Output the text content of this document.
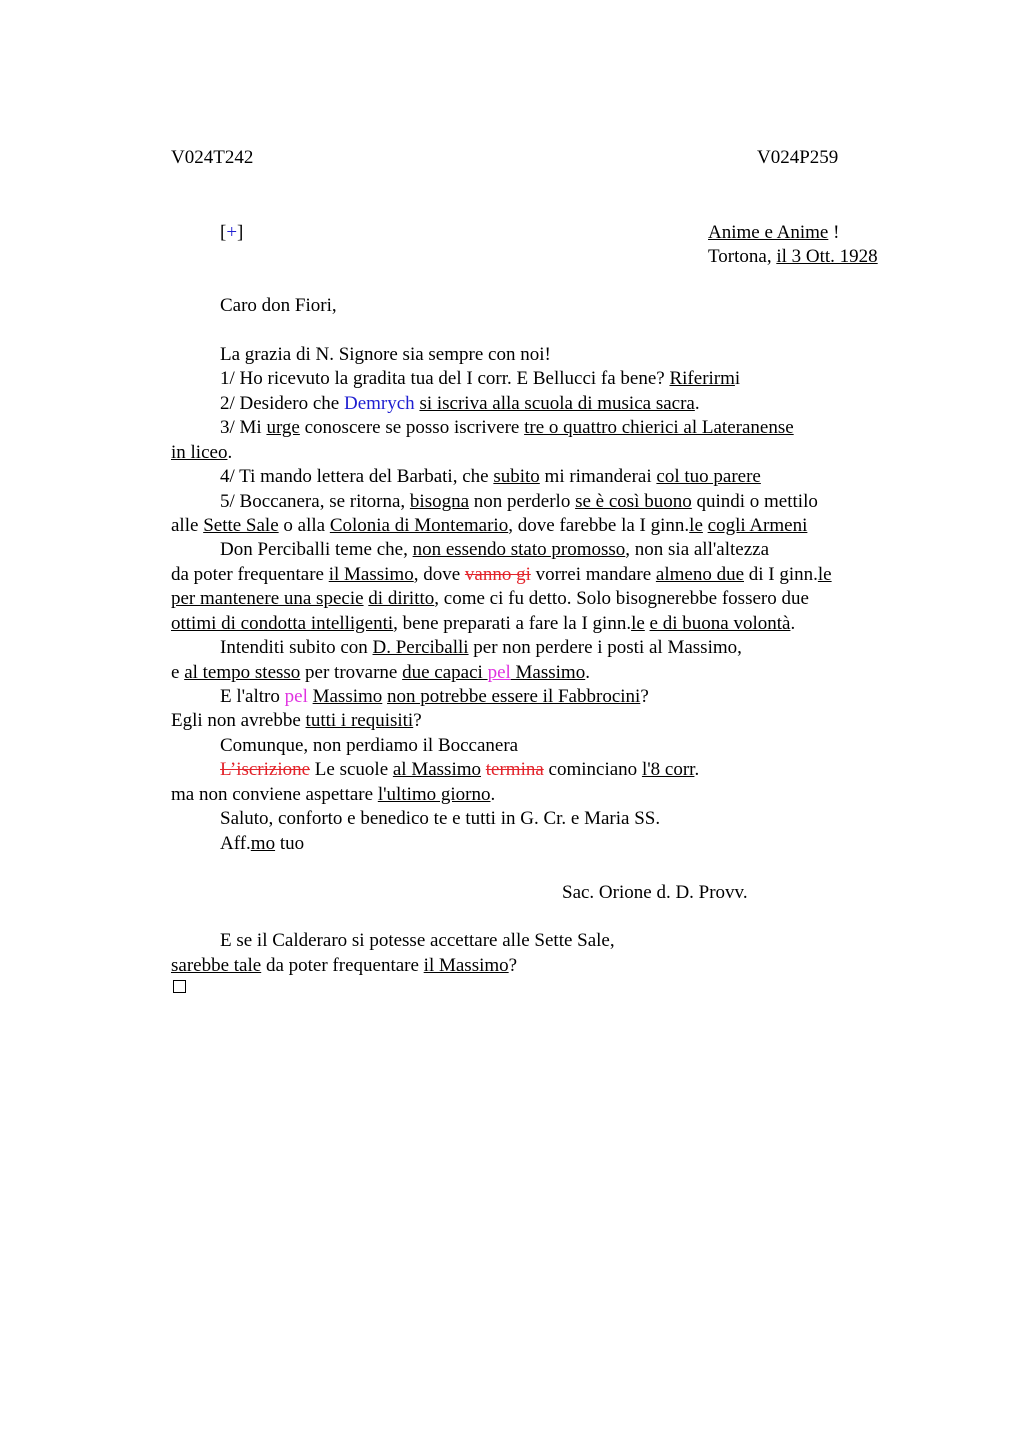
V024T242	V024P259
[+]	Anime e Anime !
Tortona, il 3 Ott. 1928
Caro don Fiori,
La grazia di N. Signore sia sempre con noi!
1/ Ho ricevuto la gradita tua del I corr. E Bellucci fa bene? Riferirmi
2/ Desidero che Demrych si iscriva alla scuola di musica sacra.
3/ Mi urge conoscere se posso iscrivere tre o quattro chierici al Lateranense
in liceo.
4/ Ti mando lettera del Barbati, che subito mi rimanderai col tuo parere
5/ Boccanera, se ritorna, bisogna non perderlo se è così buono quindi o mettilo
alle Sette Sale o alla Colonia di Montemario, dove farebbe la I ginn.le cogli Armeni
Don Perciballi teme che, non essendo stato promosso, non sia all'altezza
da poter frequentare il Massimo, dove vanno gi vorrei mandare almeno due di I ginn.le
per mantenere una specie di diritto, come ci fu detto. Solo bisognerebbe fossero due
ottimi di condotta intelligenti, bene preparati a fare la I ginn.le e di buona volontà.
Intenditi subito con D. Perciballi per non perdere i posti al Massimo,
e al tempo stesso per trovarne due capaci pel Massimo.
E l'altro pel Massimo non potrebbe essere il Fabbrocini?
Egli non avrebbe tutti i requisiti?
Comunque, non perdiamo il Boccanera
L’iscrizione Le scuole al Massimo termina cominciano l'8 corr.
ma non conviene aspettare l'ultimo giorno.
Saluto, conforto e benedico te e tutti in G. Cr. e Maria SS.
Aff.mo tuo
Sac. Orione d. D. Provv.
E se il Calderaro si potesse accettare alle Sette Sale,
sarebbe tale da poter frequentare il Massimo?
